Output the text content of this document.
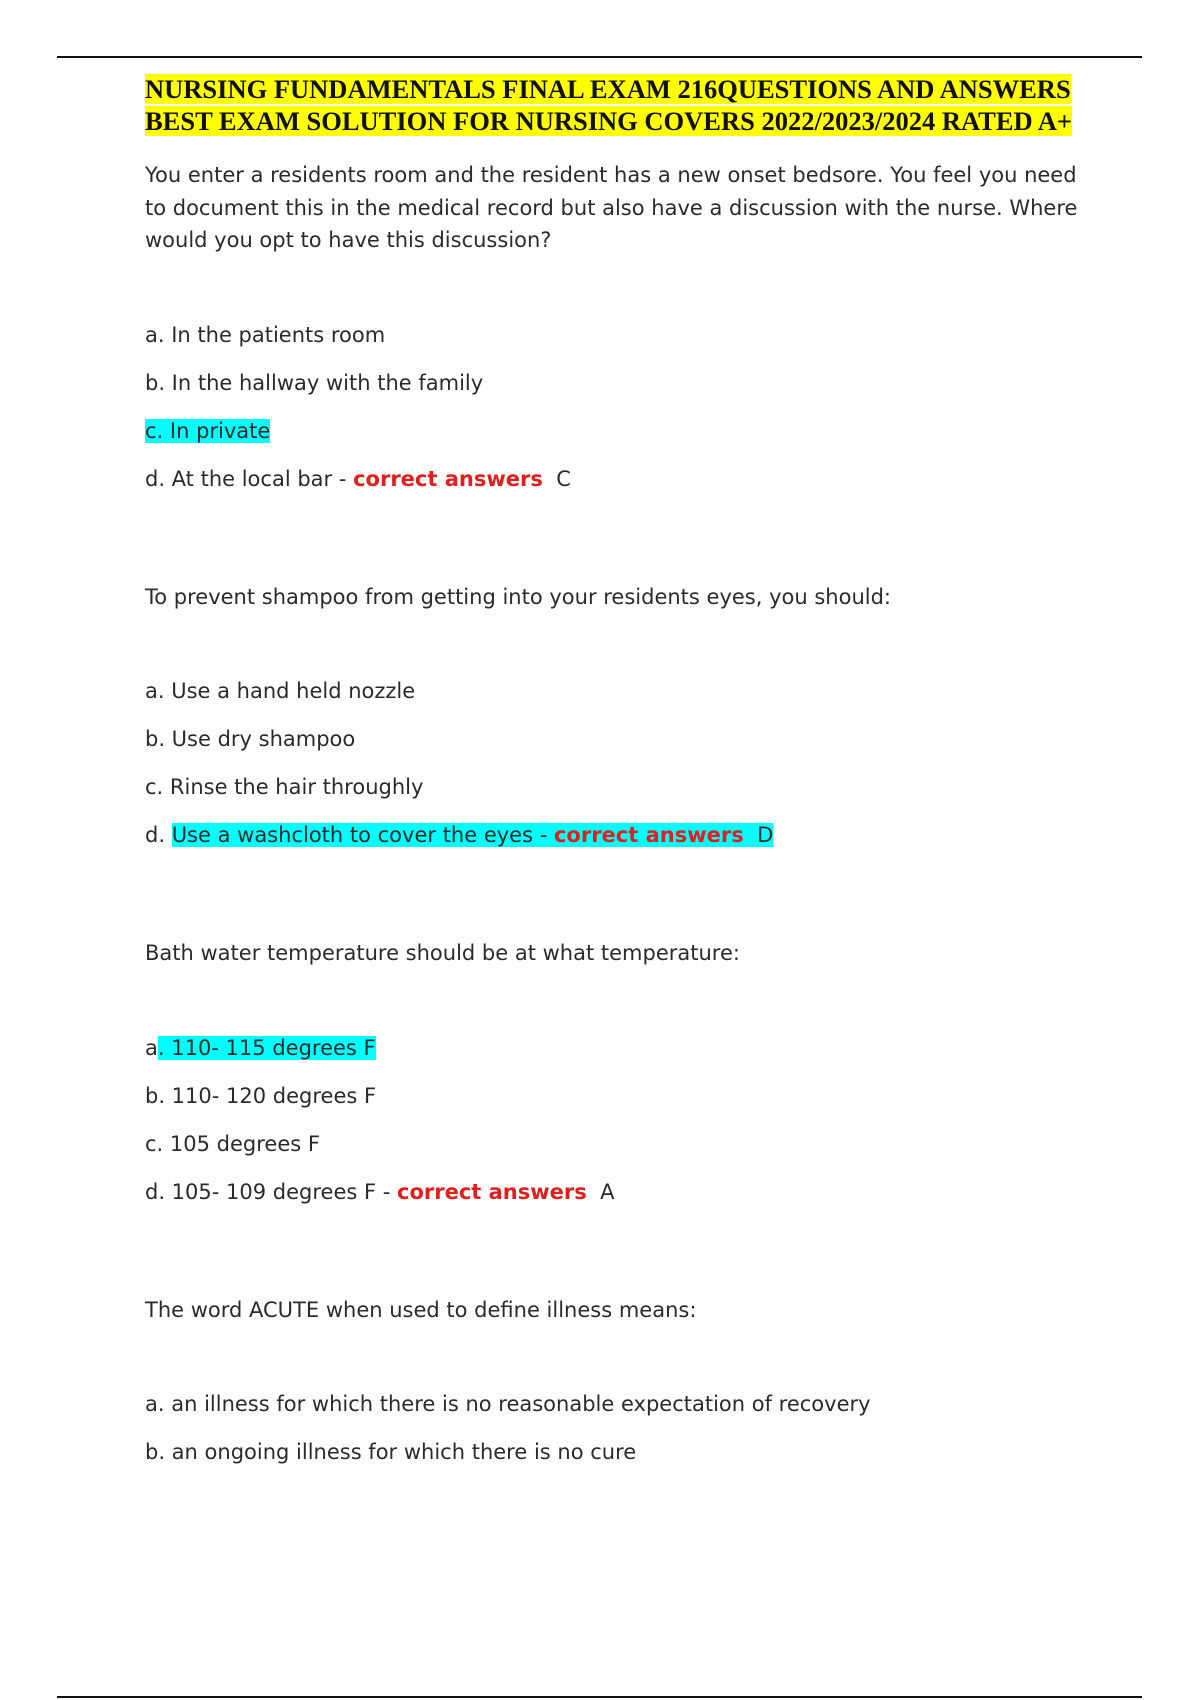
NURSING FUNDAMENTALS FINAL EXAM 216QUESTIONS AND ANSWERS BEST EXAM SOLUTION FOR NURSING COVERS 2022/2023/2024 RATED A+

You enter a residents room and the resident has a new onset bedsore. You feel you need to document this in the medical record but also have a discussion with the nurse. Where would you opt to have this discussion?

a. In the patients room

b. In the hallway with the family

c. In private

d. At the local bar - correct answers C

To prevent shampoo from getting into your residents eyes, you should:

a. Use a hand held nozzle

b. Use dry shampoo

c. Rinse the hair throughly

d. Use a washcloth to cover the eyes - correct answers D

Bath water temperature should be at what temperature:

a. 110- 115 degrees F

b. 110- 120 degrees F

c. 105 degrees F

d. 105- 109 degrees F - correct answers A

The word ACUTE when used to define illness means:

a. an illness for which there is no reasonable expectation of recovery

b. an ongoing illness for which there is no cure
